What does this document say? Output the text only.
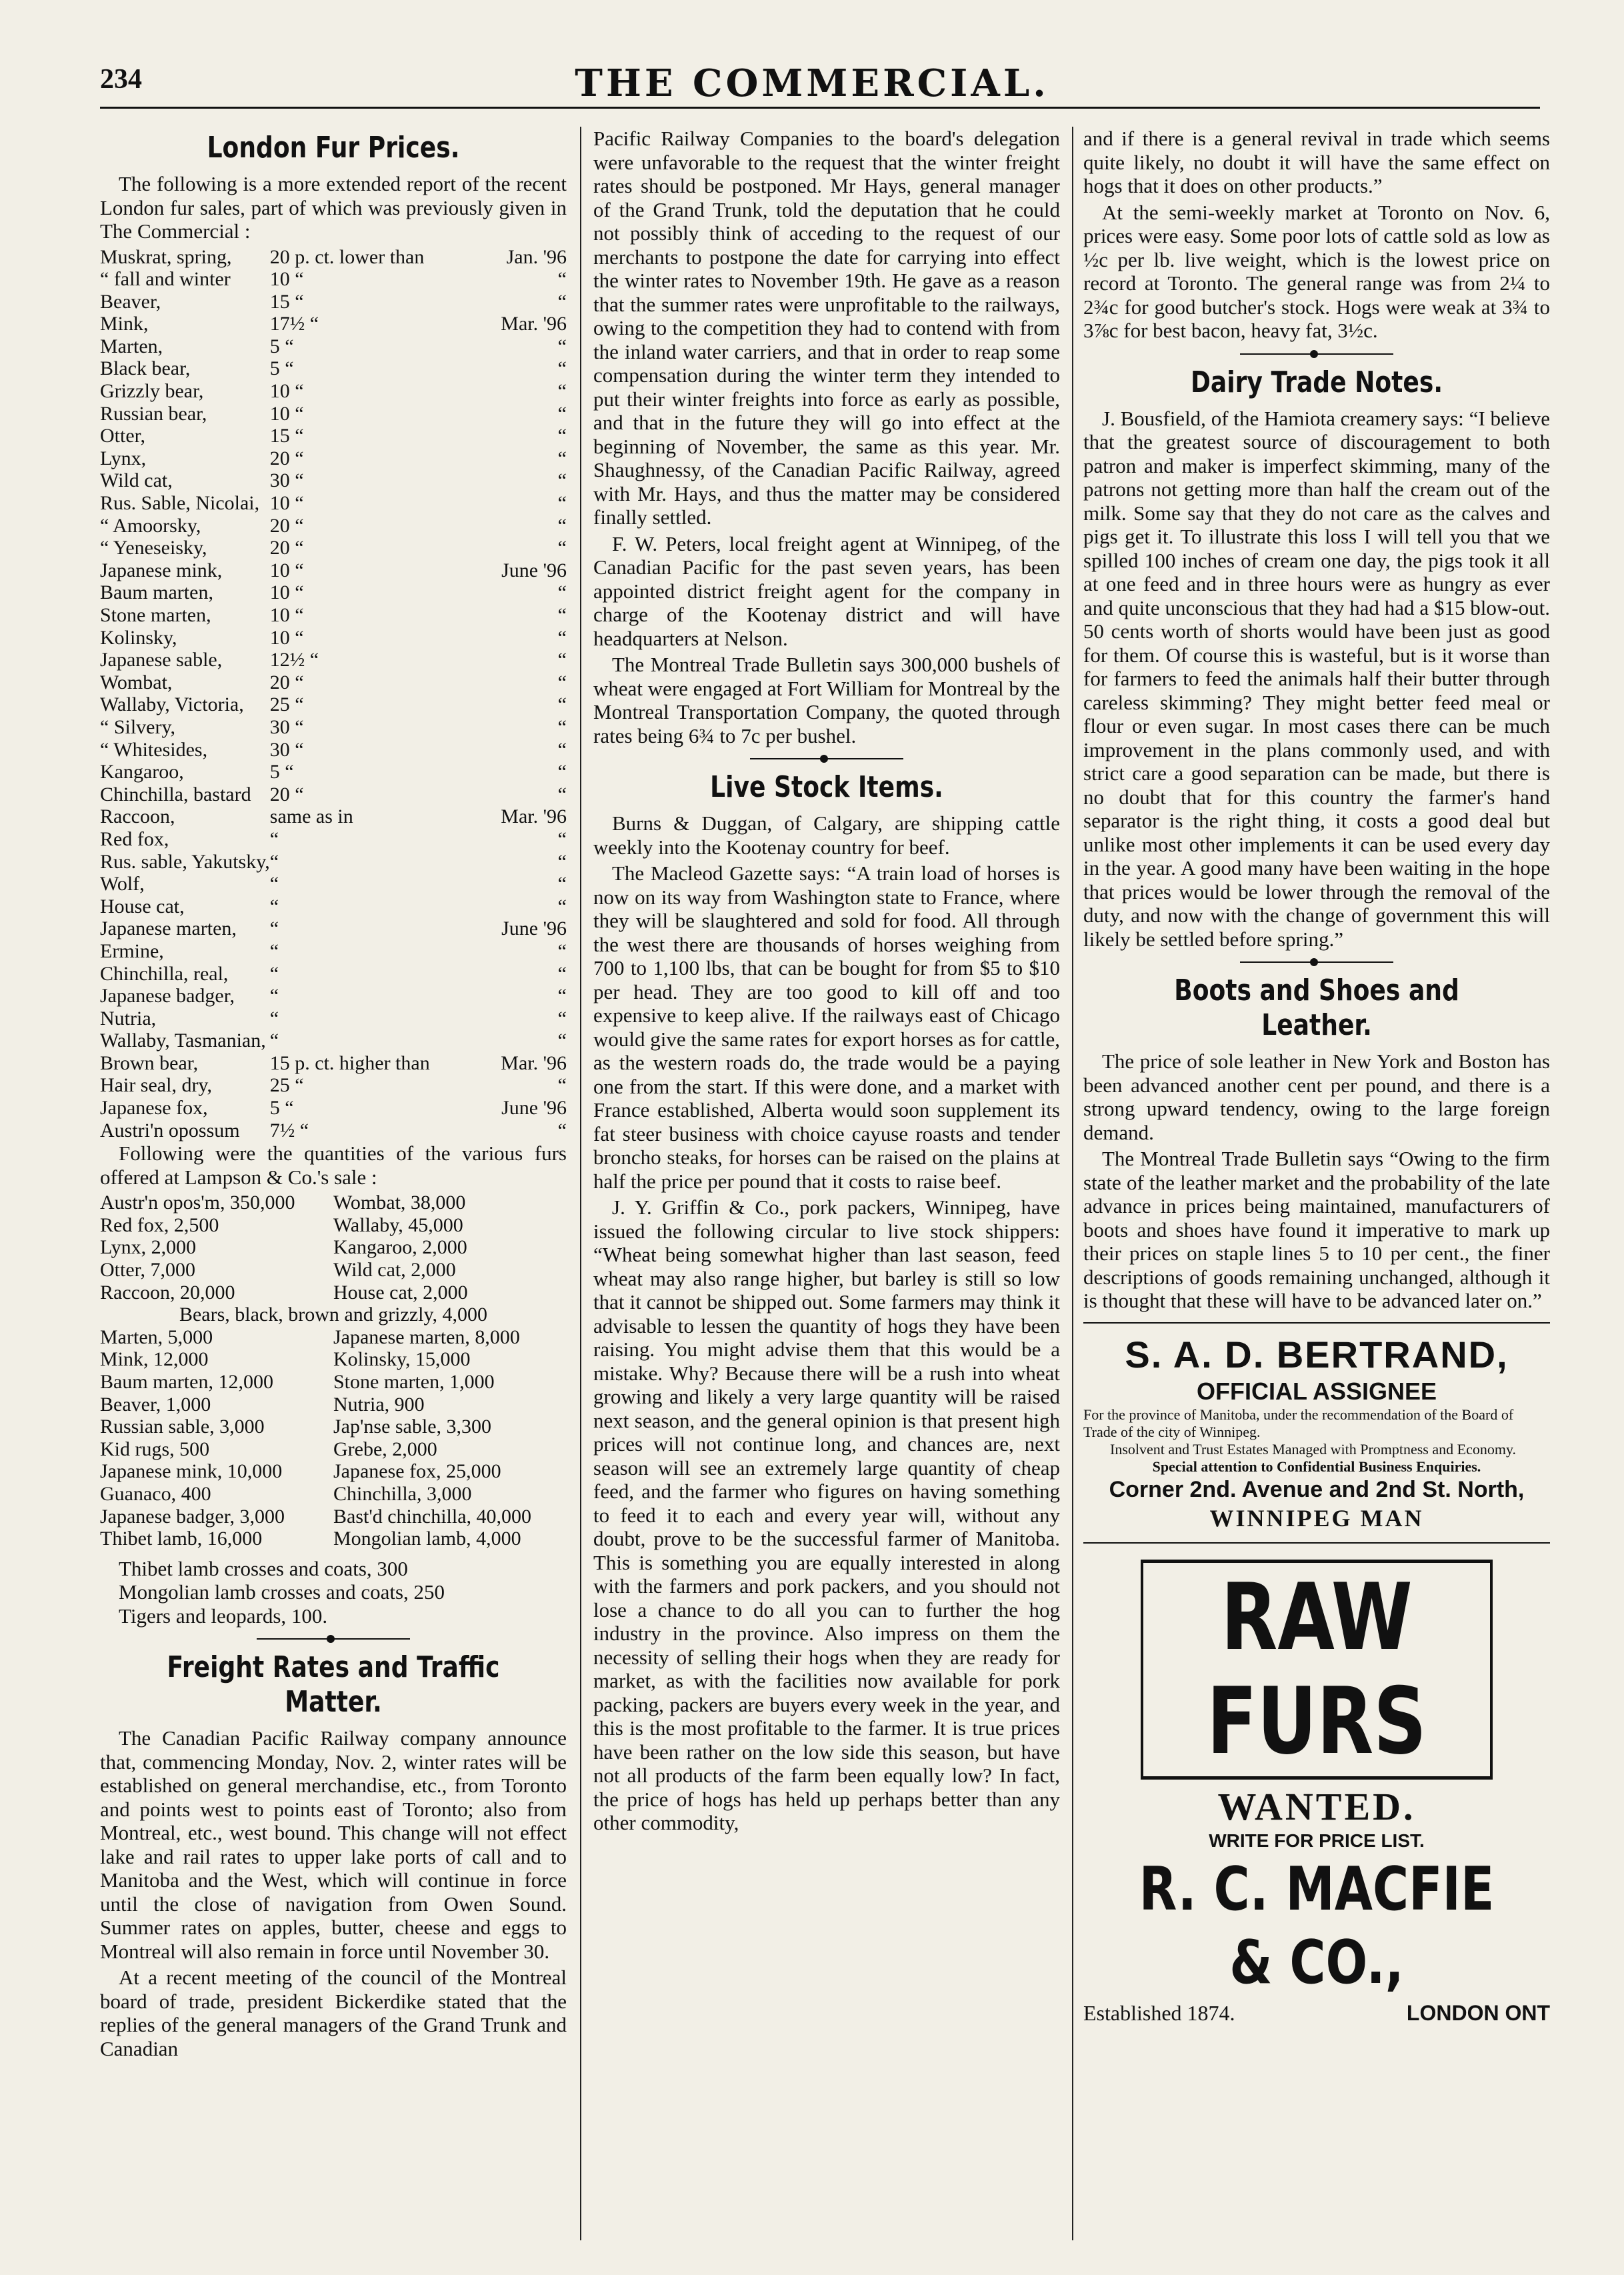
234	THE COMMERCIAL.
London Fur Prices.

The following is a more extended report of the recent London fur sales, part of which was previously given in The Commercial :

Muskrat, spring,	20 p. ct. lower than	Jan. '96
“ fall and winter	10 “	“
Beaver,	15 “	“
Mink,	17½ “	Mar. '96
Marten,	5 “	“
Black bear,	5 “	“
Grizzly bear,	10 “	“
Russian bear,	10 “	“
Otter,	15 “	“
Lynx,	20 “	“
Wild cat,	30 “	“
Rus. Sable, Nicolai,	10 “	“
“ Amoorsky,	20 “	“
“ Yeneseisky,	20 “	“
Japanese mink,	10 “	June '96
Baum marten,	10 “	“
Stone marten,	10 “	“
Kolinsky,	10 “	“
Japanese sable,	12½ “	“
Wombat,	20 “	“
Wallaby, Victoria,	25 “	“
“ Silvery,	30 “	“
“ Whitesides,	30 “	“
Kangaroo,	5 “	“
Chinchilla, bastard	20 “	“
Raccoon,	same as in	Mar. '96
Red fox,	“	“
Rus. sable, Yakutsky,	“	“
Wolf,	“	“
House cat,	“	“
Japanese marten,	“	June '96
Ermine,	“	“
Chinchilla, real,	“	“
Japanese badger,	“	“
Nutria,	“	“
Wallaby, Tasmanian,	“	“
Brown bear,	15 p. ct. higher than	Mar. '96
Hair seal, dry,	25 “	“
Japanese fox,	5 “	June '96
Austri'n opossum	7½ “	“

Following were the quantities of the various furs offered at Lampson & Co.'s sale :

Austr'n opos'm, 350,000	Wombat, 38,000
Red fox, 2,500	Wallaby, 45,000
Lynx, 2,000	Kangaroo, 2,000
Otter, 7,000	Wild cat, 2,000
Raccoon, 20,000	House cat, 2,000
Bears, black, brown and grizzly, 4,000
Marten, 5,000	Japanese marten, 8,000
Mink, 12,000	Kolinsky, 15,000
Baum marten, 12,000	Stone marten, 1,000
Beaver, 1,000	Nutria, 900
Russian sable, 3,000	Jap'nse sable, 3,300
Kid rugs, 500	Grebe, 2,000
Japanese mink, 10,000	Japanese fox, 25,000
Guanaco, 400	Chinchilla, 3,000
Japanese badger, 3,000	Bast'd chinchilla, 40,000
Thibet lamb, 16,000	Mongolian lamb, 4,000
Thibet lamb crosses and coats, 300
Mongolian lamb crosses and coats, 250
Tigers and leopards, 100.
Freight Rates and Traffic Matter.

The Canadian Pacific Railway company announce that, commencing Monday, Nov. 2, winter rates will be established on general merchandise, etc., from Toronto and points west to points east of Toronto; also from Montreal, etc., west bound. This change will not effect lake and rail rates to upper lake ports of call and to Manitoba and the West, which will continue in force until the close of navigation from Owen Sound. Summer rates on apples, butter, cheese and eggs to Montreal will also remain in force until November 30.

At a recent meeting of the council of the Montreal board of trade, president Bickerdike stated that the replies of the general managers of the Grand Trunk and Canadian

Pacific Railway Companies to the board's delegation were unfavorable to the request that the winter freight rates should be postponed. Mr Hays, general manager of the Grand Trunk, told the deputation that he could not possibly think of acceding to the request of our merchants to postpone the date for carrying into effect the winter rates to November 19th. He gave as a reason that the summer rates were unprofitable to the railways, owing to the competition they had to contend with from the inland water carriers, and that in order to reap some compensation during the winter term they intended to put their winter freights into force as early as possible, and that in the future they will go into effect at the beginning of November, the same as this year. Mr. Shaughnessy, of the Canadian Pacific Railway, agreed with Mr. Hays, and thus the matter may be considered finally settled.

F. W. Peters, local freight agent at Winnipeg, of the Canadian Pacific for the past seven years, has been appointed district freight agent for the company in charge of the Kootenay district and will have headquarters at Nelson.

The Montreal Trade Bulletin says 300,000 bushels of wheat were engaged at Fort William for Montreal by the Montreal Transportation Company, the quoted through rates being 6¾ to 7c per bushel.

Live Stock Items.

Burns & Duggan, of Calgary, are shipping cattle weekly into the Kootenay country for beef.

The Macleod Gazette says: “A train load of horses is now on its way from Washington state to France, where they will be slaughtered and sold for food. All through the west there are thousands of horses weighing from 700 to 1,100 lbs, that can be bought for from $5 to $10 per head. They are too good to kill off and too expensive to keep alive. If the railways east of Chicago would give the same rates for export horses as for cattle, as the western roads do, the trade would be a paying one from the start. If this were done, and a market with France established, Alberta would soon supplement its fat steer business with choice cayuse roasts and tender broncho steaks, for horses can be raised on the plains at half the price per pound that it costs to raise beef.

J. Y. Griffin & Co., pork packers, Winnipeg, have issued the following circular to live stock shippers: “Wheat being somewhat higher than last season, feed wheat may also range higher, but barley is still so low that it cannot be shipped out. Some farmers may think it advisable to lessen the quantity of hogs they have been raising. You might advise them that this would be a mistake. Why? Because there will be a rush into wheat growing and likely a very large quantity will be raised next season, and the general opinion is that present high prices will not continue long, and chances are, next season will see an extremely large quantity of cheap feed, and the farmer who figures on having something to feed it to each and every year will, without any doubt, prove to be the successful farmer of Manitoba. This is something you are equally interested in along with the farmers and pork packers, and you should not lose a chance to do all you can to further the hog industry in the province. Also impress on them the necessity of selling their hogs when they are ready for market, as with the facilities now available for pork packing, packers are buyers every week in the year, and this is the most profitable to the farmer. It is true prices have been rather on the low side this season, but have not all products of the farm been equally low? In fact, the price of hogs has held up perhaps better than any other commodity,

and if there is a general revival in trade which seems quite likely, no doubt it will have the same effect on hogs that it does on other products.”

At the semi-weekly market at Toronto on Nov. 6, prices were easy. Some poor lots of cattle sold as low as ½c per lb. live weight, which is the lowest price on record at Toronto. The general range was from 2¼ to 2¾c for good butcher's stock. Hogs were weak at 3¾ to 3⅞c for best bacon, heavy fat, 3½c.

Dairy Trade Notes.

J. Bousfield, of the Hamiota creamery says: “I believe that the greatest source of discouragement to both patron and maker is imperfect skimming, many of the patrons not getting more than half the cream out of the milk. Some say that they do not care as the calves and pigs get it. To illustrate this loss I will tell you that we spilled 100 inches of cream one day, the pigs took it all at one feed and in three hours were as hungry as ever and quite unconscious that they had had a $15 blow-out. 50 cents worth of shorts would have been just as good for them. Of course this is wasteful, but is it worse than for farmers to feed the animals half their butter through careless skimming? They might better feed meal or flour or even sugar. In most cases there can be much improvement in the plans commonly used, and with strict care a good separation can be made, but there is no doubt that for this country the farmer's hand separator is the right thing, it costs a good deal but unlike most other implements it can be used every day in the year. A good many have been waiting in the hope that prices would be lower through the removal of the duty, and now with the change of government this will likely be settled before spring.”

Boots and Shoes and Leather.

The price of sole leather in New York and Boston has been advanced another cent per pound, and there is a strong upward tendency, owing to the large foreign demand.

The Montreal Trade Bulletin says “Owing to the firm state of the leather market and the probability of the late advance in prices being maintained, manufacturers of boots and shoes have found it imperative to mark up their prices on staple lines 5 to 10 per cent., the finer descriptions of goods remaining unchanged, although it is thought that these will have to be advanced later on.”

S. A. D. BERTRAND,
OFFICIAL ASSIGNEE
For the province of Manitoba, under the recommendation of the Board of Trade of the city of Winnipeg.
Insolvent and Trust Estates Managed with Promptness and Economy.
Special attention to Confidential Business Enquiries.
Corner 2nd. Avenue and 2nd St. North,
WINNIPEG MAN
RAW FURS
WANTED.
WRITE FOR PRICE LIST.
R. C. MACFIE & CO.,
Established 1874.	LONDON ONT
